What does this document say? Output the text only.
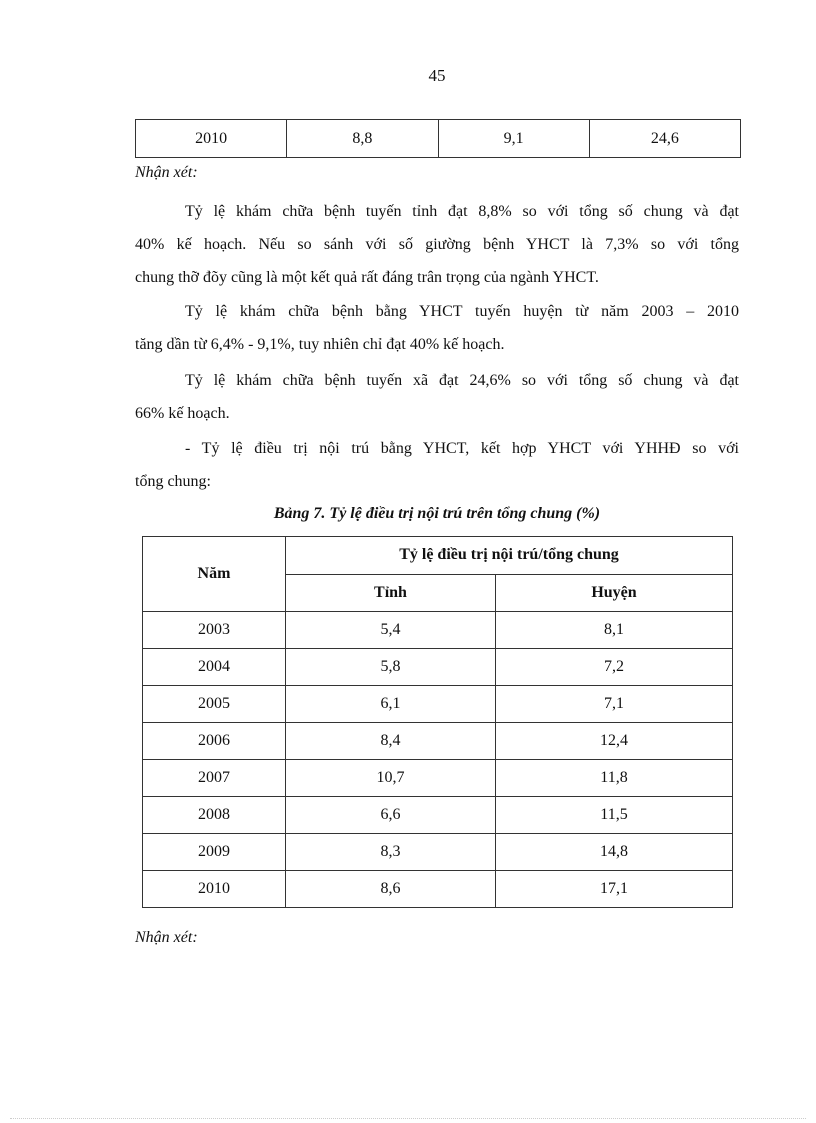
45
2010	8,8	9,1	24,6
Nhận xét:
Tỷ lệ khám chữa bệnh tuyến tỉnh đạt 8,8% so với tổng số chung và đạt
40% kế hoạch. Nếu so sánh với số giường bệnh YHCT là 7,3% so với tổng
chung thỡ đõy cũng là một kết quả rất đáng trân trọng của ngành YHCT.
Tỷ lệ khám chữa bệnh bằng YHCT tuyến huyện từ năm 2003 – 2010
tăng dần từ 6,4% - 9,1%, tuy nhiên chỉ đạt 40% kế hoạch.
Tỷ lệ khám chữa bệnh tuyến xã đạt 24,6% so với tổng số chung và đạt
66% kế hoạch.
- Tỷ lệ điều trị nội trú bằng YHCT, kết hợp YHCT với YHHĐ so với
tổng chung:
Bảng 7. Tỷ lệ điều trị nội trú trên tổng chung (%)
Năm	Tỷ lệ điều trị nội trú/tổng chung	
	Tỉnh	Huyện
2003	5,4	8,1
2004	5,8	7,2
2005	6,1	7,1
2006	8,4	12,4
2007	10,7	11,8
2008	6,6	11,5
2009	8,3	14,8
2010	8,6	17,1
Nhận xét:
